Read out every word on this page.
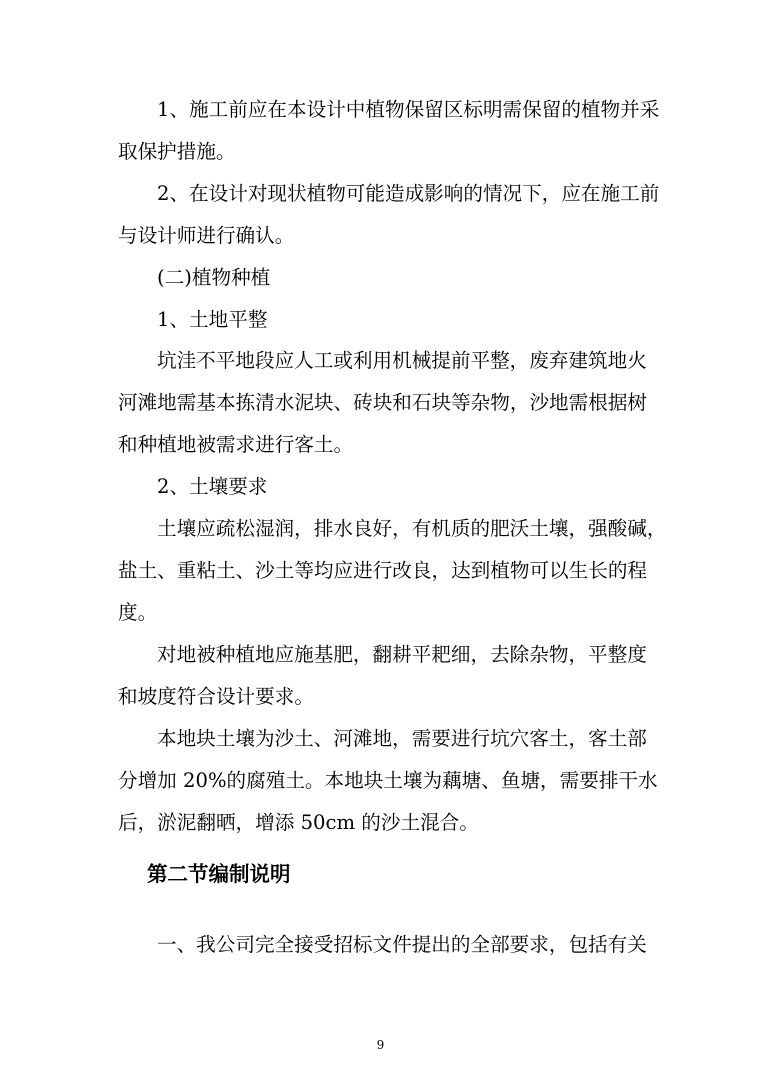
1、施工前应在本设计中植物保留区标明需保留的植物并采
取保护措施。
2、在设计对现状植物可能造成影响的情况下，应在施工前
与设计师进行确认。
(二)植物种植
1、土地平整
坑洼不平地段应人工或利用机械提前平整，废弃建筑地火
河滩地需基本拣清水泥块、砖块和石块等杂物，沙地需根据树
和种植地被需求进行客土。
2、土壤要求
土壤应疏松湿润，排水良好，有机质的肥沃土壤，强酸碱，
盐土、重粘土、沙土等均应进行改良，达到植物可以生长的程
度。
对地被种植地应施基肥，翻耕平耙细，去除杂物，平整度
和坡度符合设计要求。
本地块土壤为沙土、河滩地，需要进行坑穴客土，客土部
分增加 20%的腐殖土。本地块土壤为藕塘、鱼塘，需要排干水
后，淤泥翻晒，增添 50cm 的沙土混合。
第二节编制说明
一、我公司完全接受招标文件提出的全部要求，包括有关
9
